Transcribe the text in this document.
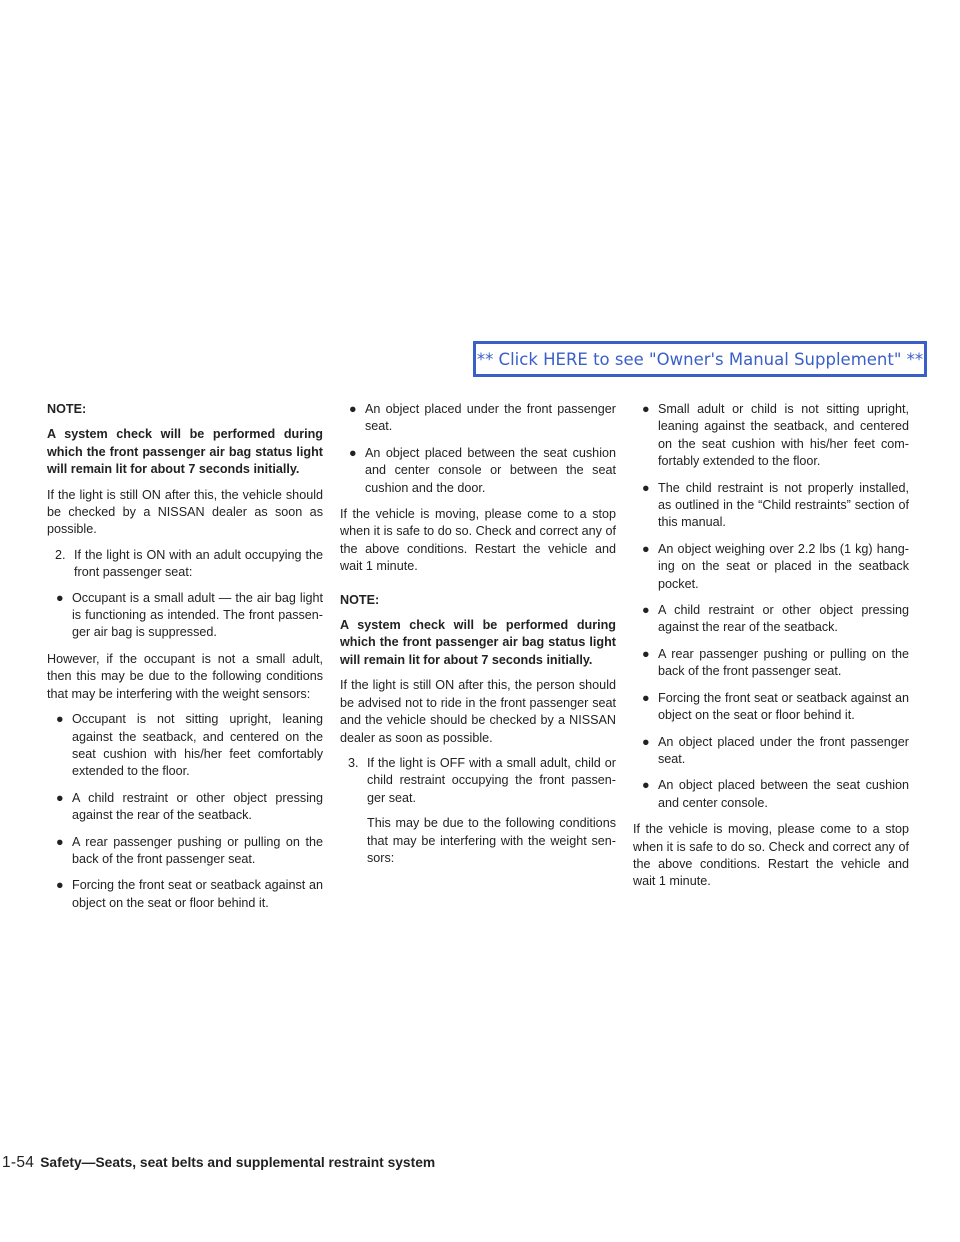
** Click HERE to see "Owner's Manual Supplement" **

NOTE:

A system check will be performed during which the front passenger air bag status light will remain lit for about 7 seconds initially.

If the light is still ON after this, the vehicle should be checked by a NISSAN dealer as soon as possible.

2. If the light is ON with an adult occupying the front passenger seat:
● Occupant is a small adult — the air bag light is functioning as intended. The front passen-ger air bag is suppressed.

However, if the occupant is not a small adult, then this may be due to the following conditions that may be interfering with the weight sensors:

● Occupant is not sitting upright, leaning against the seatback, and centered on the seat cushion with his/her feet comfortably extended to the floor.
● A child restraint or other object pressing against the rear of the seatback.
● A rear passenger pushing or pulling on the back of the front passenger seat.
● Forcing the front seat or seatback against an object on the seat or floor behind it.
● An object placed under the front passenger seat.
● An object placed between the seat cushion and center console or between the seat cushion and the door.

If the vehicle is moving, please come to a stop when it is safe to do so. Check and correct any of the above conditions. Restart the vehicle and wait 1 minute.

NOTE:

A system check will be performed during which the front passenger air bag status light will remain lit for about 7 seconds initially.

If the light is still ON after this, the person should be advised not to ride in the front passenger seat and the vehicle should be checked by a NISSAN dealer as soon as possible.

3. If the light is OFF with a small adult, child or child restraint occupying the front passen-ger seat.

This may be due to the following conditions that may be interfering with the weight sen-sors:

● Small adult or child is not sitting upright, leaning against the seatback, and centered on the seat cushion with his/her feet com-fortably extended to the floor.
● The child restraint is not properly installed, as outlined in the “Child restraints” section of this manual.
● An object weighing over 2.2 lbs (1 kg) hang-ing on the seat or placed in the seatback pocket.
● A child restraint or other object pressing against the rear of the seatback.
● A rear passenger pushing or pulling on the back of the front passenger seat.
● Forcing the front seat or seatback against an object on the seat or floor behind it.
● An object placed under the front passenger seat.
● An object placed between the seat cushion and center console.

If the vehicle is moving, please come to a stop when it is safe to do so. Check and correct any of the above conditions. Restart the vehicle and wait 1 minute.

1-54 Safety—Seats, seat belts and supplemental restraint system
